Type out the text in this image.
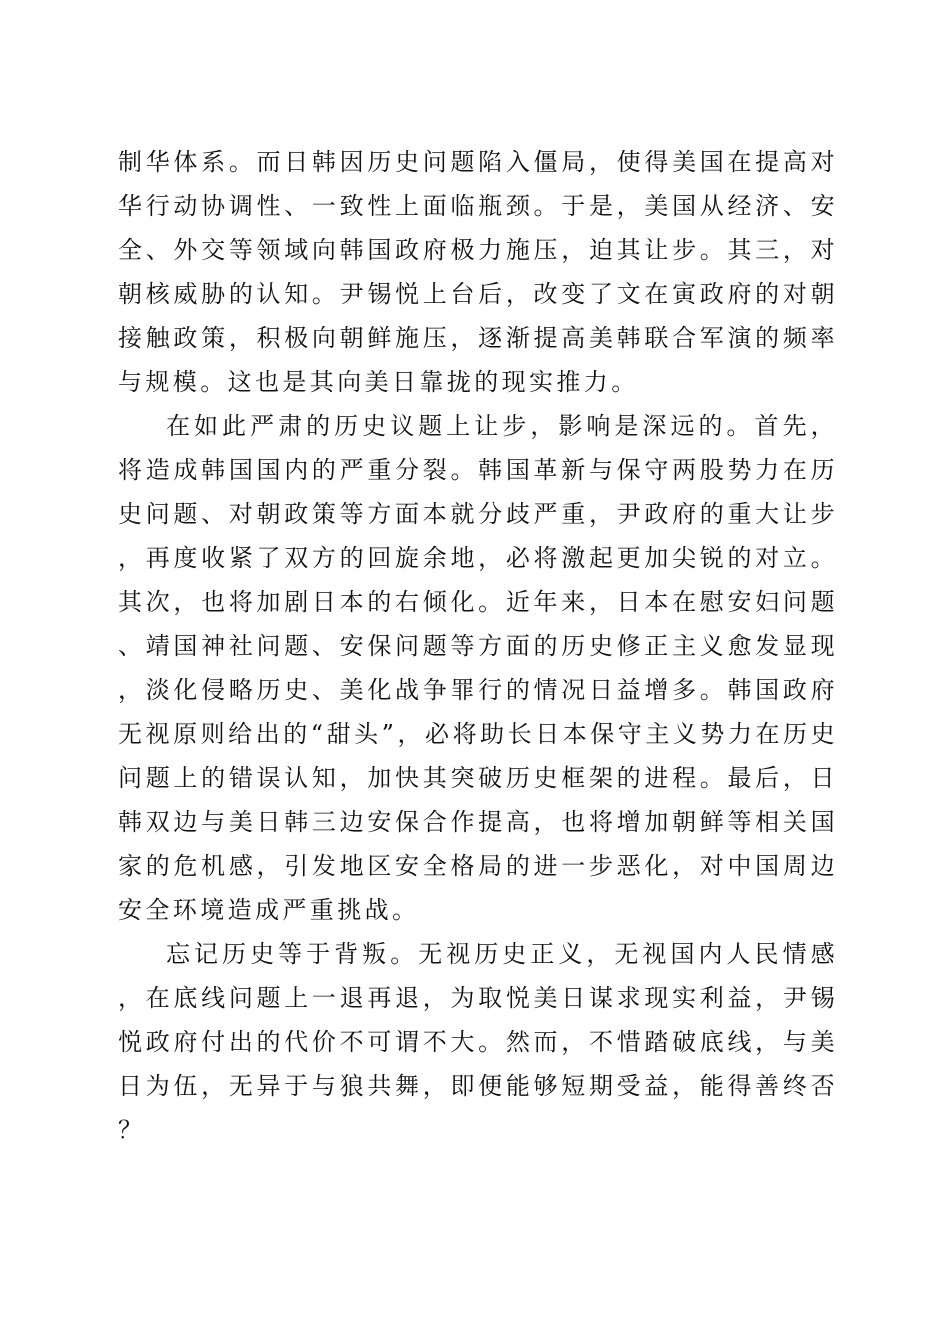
制华体系。而日韩因历史问题陷入僵局，使得美国在提高对华行动协调性、一致性上面临瓶颈。于是，美国从经济、安全、外交等领域向韩国政府极力施压，迫其让步。其三，对朝核威胁的认知。尹锡悦上台后，改变了文在寅政府的对朝接触政策，积极向朝鲜施压，逐渐提高美韩联合军演的频率与规模。这也是其向美日靠拢的现实推力。

在如此严肃的历史议题上让步，影响是深远的。首先，将造成韩国国内的严重分裂。韩国革新与保守两股势力在历史问题、对朝政策等方面本就分歧严重，尹政府的重大让步，再度收紧了双方的回旋余地，必将激起更加尖锐的对立。其次，也将加剧日本的右倾化。近年来，日本在慰安妇问题、靖国神社问题、安保问题等方面的历史修正主义愈发显现，淡化侵略历史、美化战争罪行的情况日益增多。韩国政府无视原则给出的“甜头”，必将助长日本保守主义势力在历史问题上的错误认知，加快其突破历史框架的进程。最后，日韩双边与美日韩三边安保合作提高，也将增加朝鲜等相关国家的危机感，引发地区安全格局的进一步恶化，对中国周边安全环境造成严重挑战。

忘记历史等于背叛。无视历史正义，无视国内人民情感，在底线问题上一退再退，为取悦美日谋求现实利益，尹锡悦政府付出的代价不可谓不大。然而，不惜踏破底线，与美日为伍，无异于与狼共舞，即便能够短期受益，能得善终否？
